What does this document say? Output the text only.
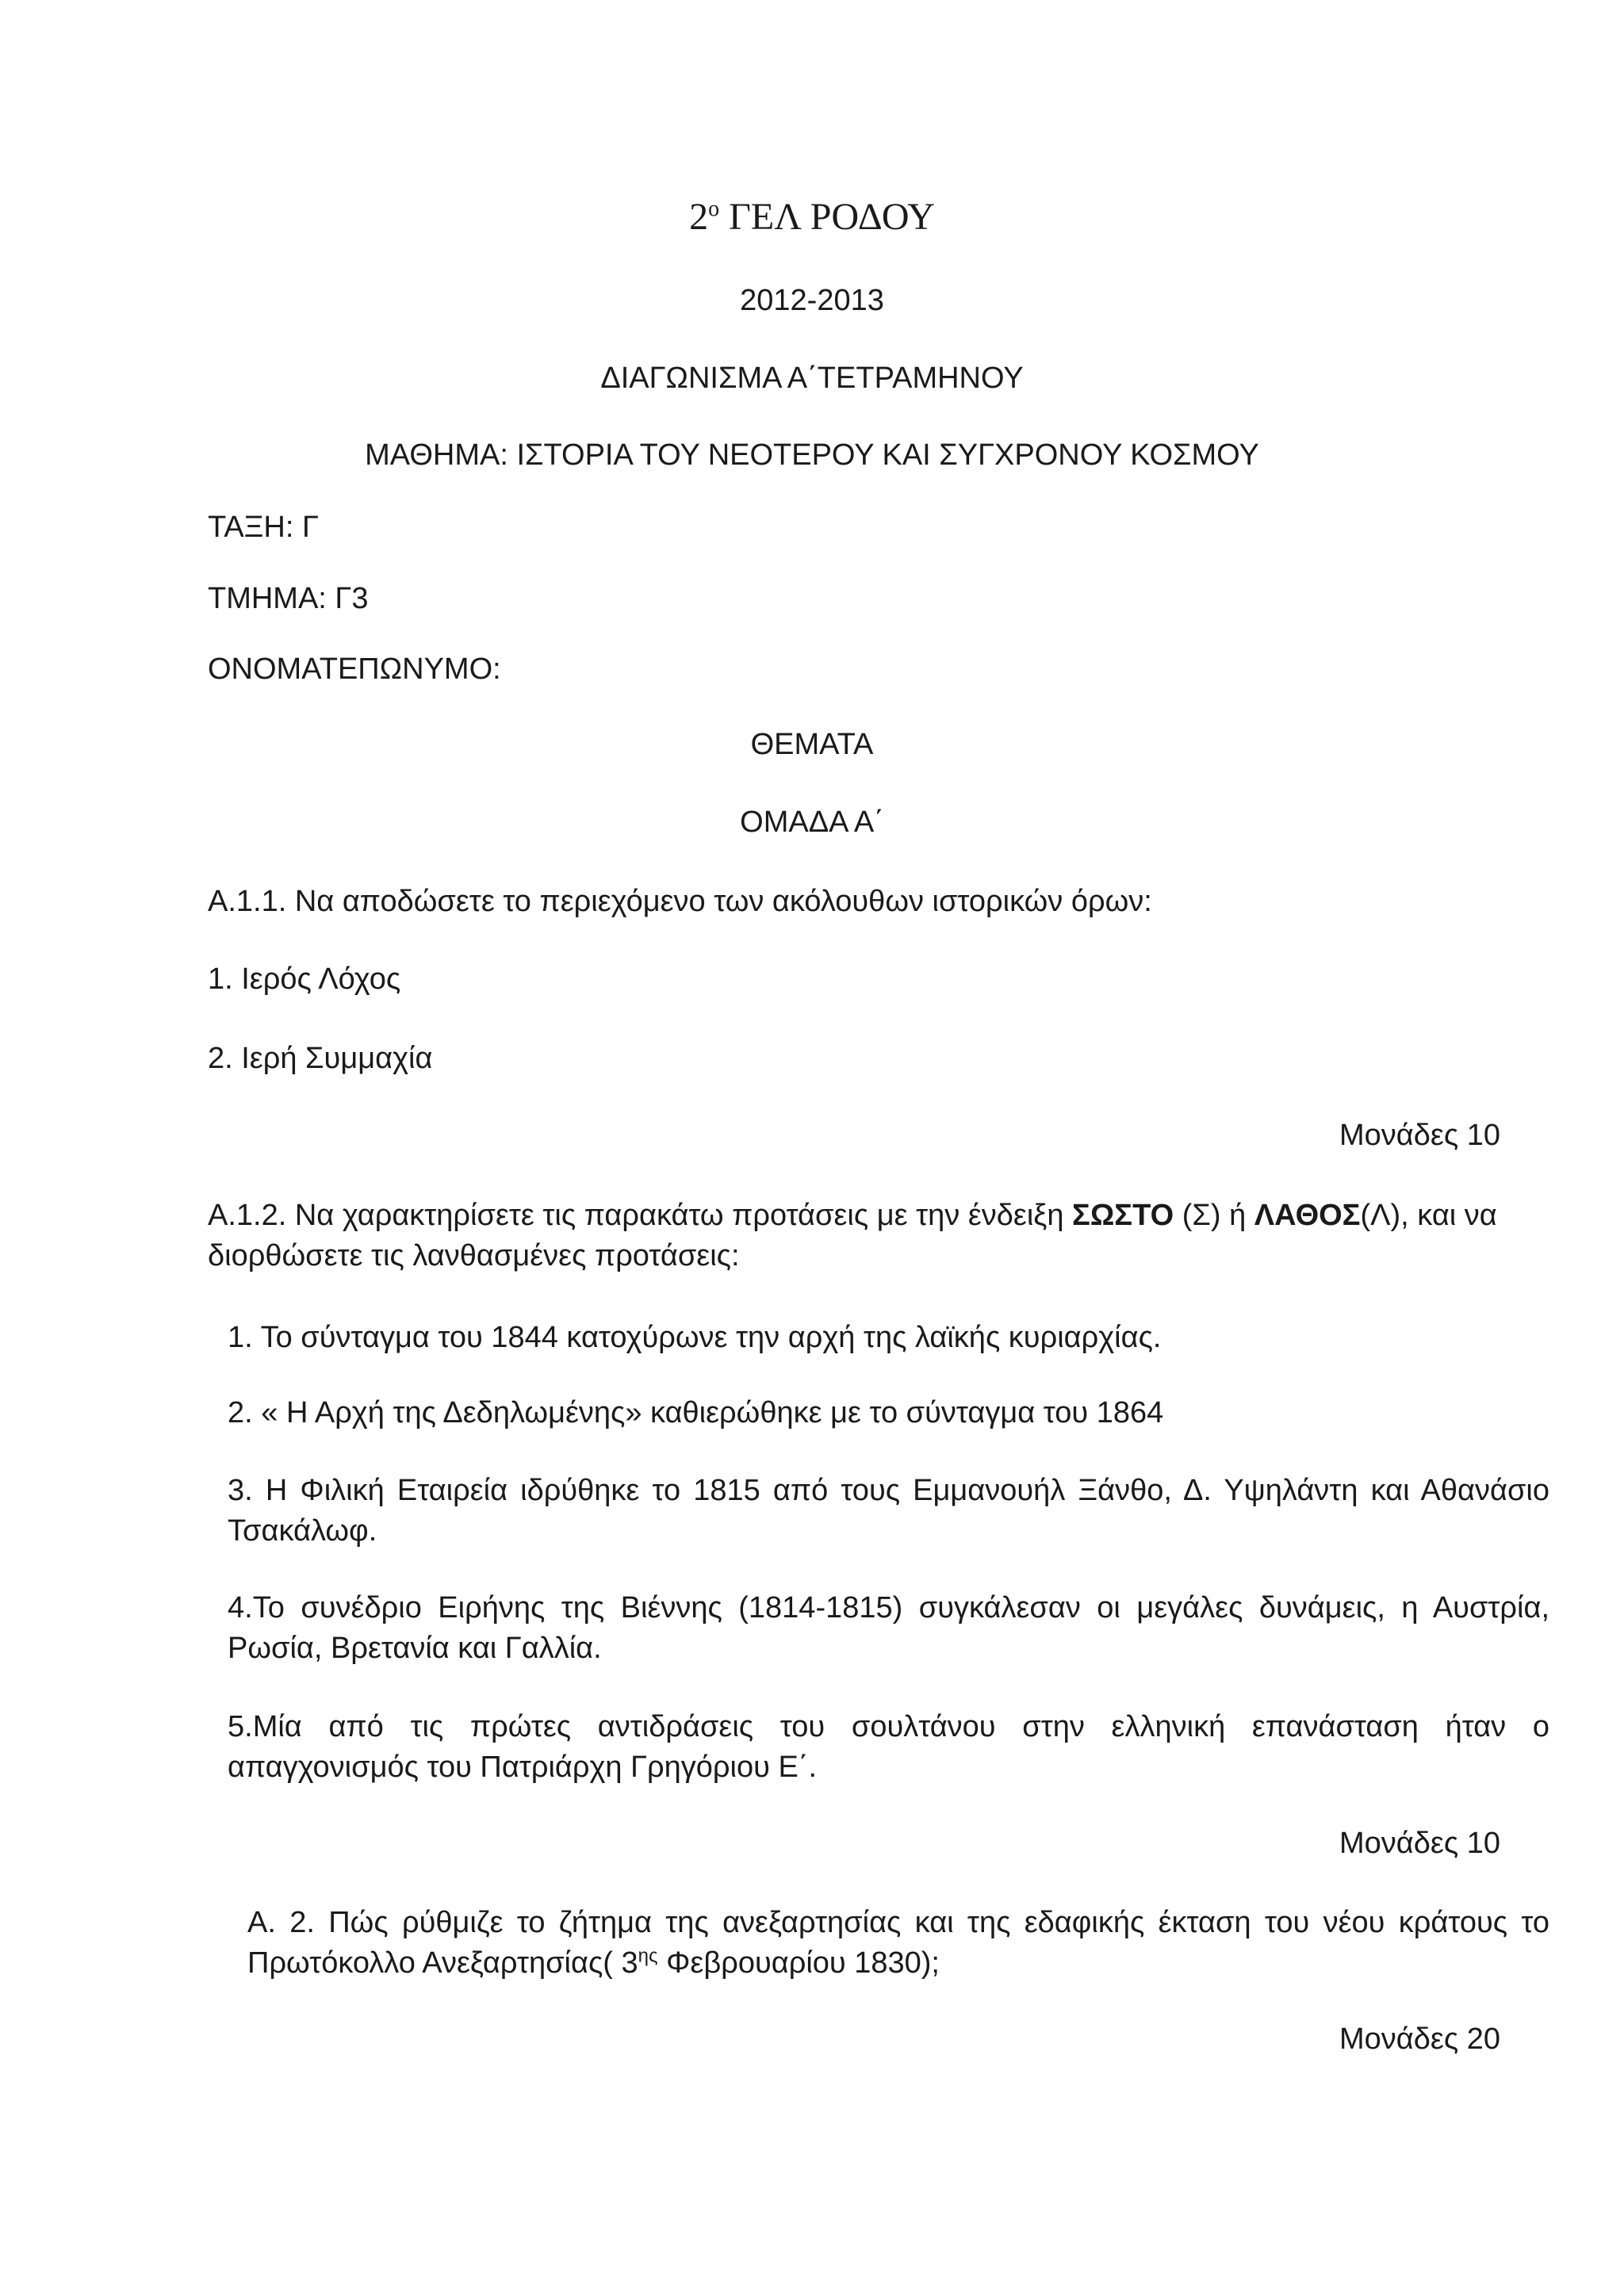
$2^o$ ΓΕΛ ΡΟΔΟΥ
2012-2013
ΔΙΑΓΩΝΙΣΜΑ Α΄ΤΕΤΡΑΜΗΝΟΥ
ΜΑΘΗΜΑ: ΙΣΤΟΡΙΑ ΤΟΥ ΝΕΟΤΕΡΟΥ ΚΑΙ ΣΥΓΧΡΟΝΟΥ ΚΟΣΜΟΥ
ΤΑΞΗ: Γ
ΤΜΗΜΑ: Γ3
ΟΝΟΜΑΤΕΠΩΝΥΜΟ:
ΘΕΜΑΤΑ
ΟΜΑΔΑ Α΄
Α.1.1. Να αποδώσετε το περιεχόμενο των ακόλουθων ιστορικών όρων:
1. Ιερός Λόχος
2. Ιερή Συμμαχία
Μονάδες 10
Α.1.2. Να χαρακτηρίσετε τις παρακάτω προτάσεις με την ένδειξη ΣΩΣΤΟ (Σ) ή ΛΑΘΟΣ(Λ), και να
διορθώσετε τις λανθασμένες προτάσεις:
1. Το σύνταγμα του 1844 κατοχύρωνε την αρχή της λαϊκής κυριαρχίας.
2. « Η Αρχή της Δεδηλωμένης» καθιερώθηκε με το σύνταγμα του 1864
3. Η Φιλική Εταιρεία ιδρύθηκε το 1815 από τους Εμμανουήλ Ξάνθο, Δ. Υψηλάντη και Αθανάσιο
Τσακάλωφ.
4.Το συνέδριο Ειρήνης της Βιέννης (1814-1815) συγκάλεσαν οι μεγάλες δυνάμεις, η Αυστρία,
Ρωσία, Βρετανία και Γαλλία.
5.Μία από τις πρώτες αντιδράσεις του σουλτάνου στην ελληνική επανάσταση ήταν ο
απαγχονισμός του Πατριάρχη Γρηγόριου Ε΄.
Μονάδες 10
Α. 2. Πώς ρύθμιζε το ζήτημα της ανεξαρτησίας και της εδαφικής έκταση του νέου κράτους το
Πρωτόκολλο Ανεξαρτησίας( $3^{\eta\varsigma}$ Φεβρουαρίου 1830);
Μονάδες 20
